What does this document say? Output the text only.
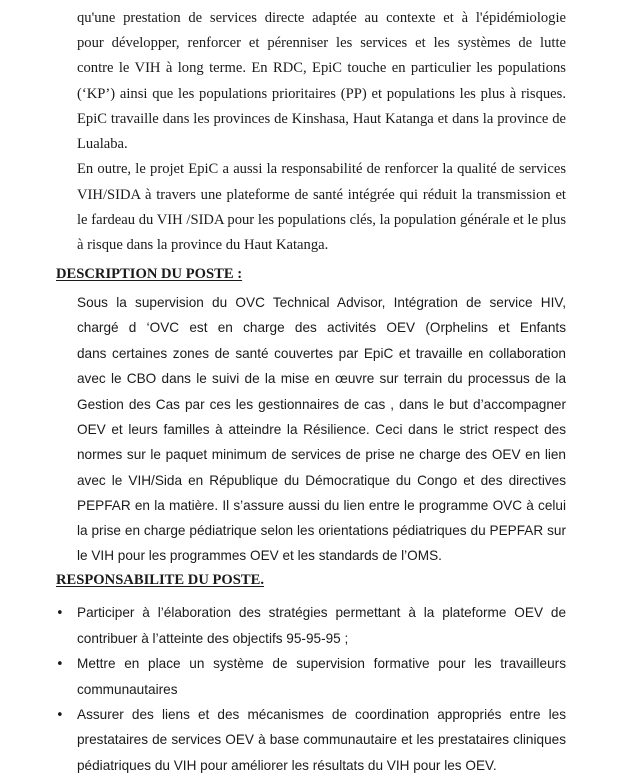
qu'une prestation de services directe adaptée au contexte et à l'épidémiologie
pour développer, renforcer et pérenniser les services et les systèmes de lutte
contre le VIH à long terme. En RDC, EpiC touche en particulier les populations
(‘KP’) ainsi que les populations prioritaires (PP) et populations les plus à risques.
EpiC travaille dans les provinces de Kinshasa, Haut Katanga et dans la province de
Lualaba.
En outre, le projet EpiC a aussi la responsabilité de renforcer la qualité de services
VIH/SIDA à travers une plateforme de santé intégrée qui réduit la transmission et
le fardeau du VIH /SIDA pour les populations clés, la population générale et le plus
à risque dans la province du Haut Katanga.
DESCRIPTION DU POSTE :
Sous la supervision du OVC Technical Advisor, Intégration de service HIV,
chargé d ‘OVC est en charge des activités OEV (Orphelins et Enfants
dans certaines zones de santé couvertes par EpiC et travaille en collaboration
avec le CBO dans le suivi de la mise en œuvre sur terrain du processus de la
Gestion des Cas par ces les gestionnaires de cas , dans le but d’accompagner
OEV et leurs familles à atteindre la Résilience. Ceci dans le strict respect des
normes sur le paquet minimum de services de prise ne charge des OEV en lien
avec le VIH/Sida en République du Démocratique du Congo et des directives
PEPFAR en la matière. Il s’assure aussi du lien entre le programme OVC à celui
la prise en charge pédiatrique selon les orientations pédiatriques du PEPFAR sur
le VIH pour les programmes OEV et les standards de l’OMS.
RESPONSABILITE DU POSTE.
• Participer à l’élaboration des stratégies permettant à la plateforme OEV de
contribuer à l’atteinte des objectifs 95-95-95 ;
• Mettre en place un système de supervision formative pour les travailleurs
communautaires
• Assurer des liens et des mécanismes de coordination appropriés entre les
prestataires de services OEV à base communautaire et les prestataires cliniques
pédiatriques du VIH pour améliorer les résultats du VIH pour les OEV.
